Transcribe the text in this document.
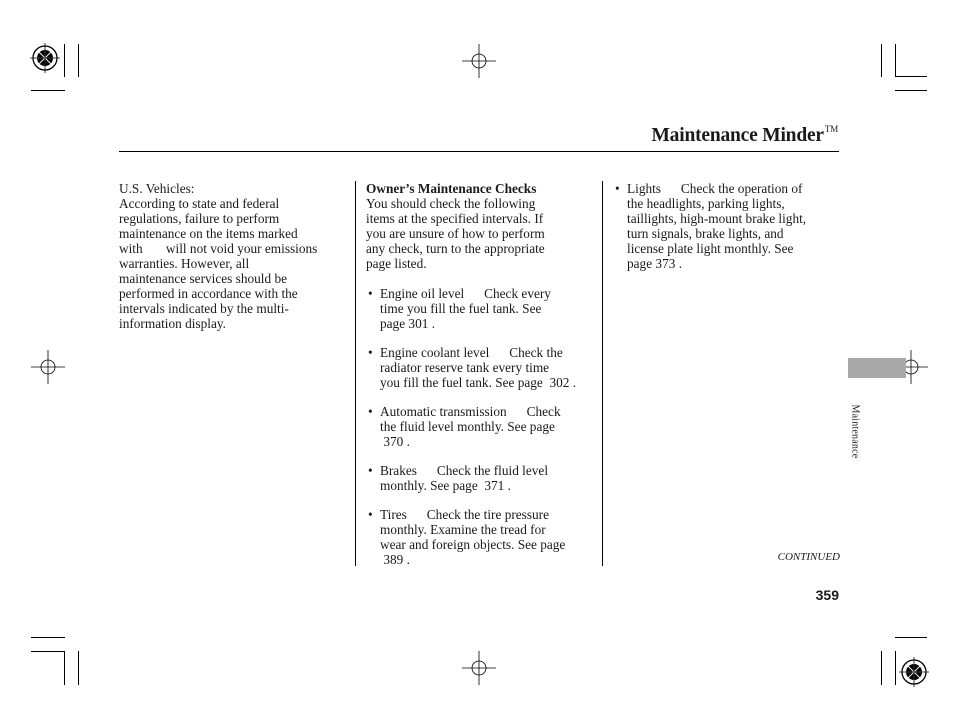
Maintenance Minder™

U.S. Vehicles:

According to state and federal

regulations, failure to perform

maintenance on the items marked

with       will not void your emissions

warranties. However, all

maintenance services should be

performed in accordance with the

intervals indicated by the multi-

information display.

Owner’s Maintenance Checks

You should check the following

items at the specified intervals. If

you are unsure of how to perform

any check, turn to the appropriate

page listed.

• Engine oil level      Check every

time you fill the fuel tank. See

page 301 .

• Engine coolant level      Check the

radiator reserve tank every time

you fill the fuel tank. See page  302 .

• Automatic transmission      Check

the fluid level monthly. See page

370 .

• Brakes      Check the fluid level

monthly. See page  371 .

• Tires      Check the tire pressure

monthly. Examine the tread for

wear and foreign objects. See page

389 .

• Lights      Check the operation of

the headlights, parking lights,

taillights, high-mount brake light,

turn signals, brake lights, and

license plate light monthly. See

page 373 .

Maintenance
CONTINUED
359
